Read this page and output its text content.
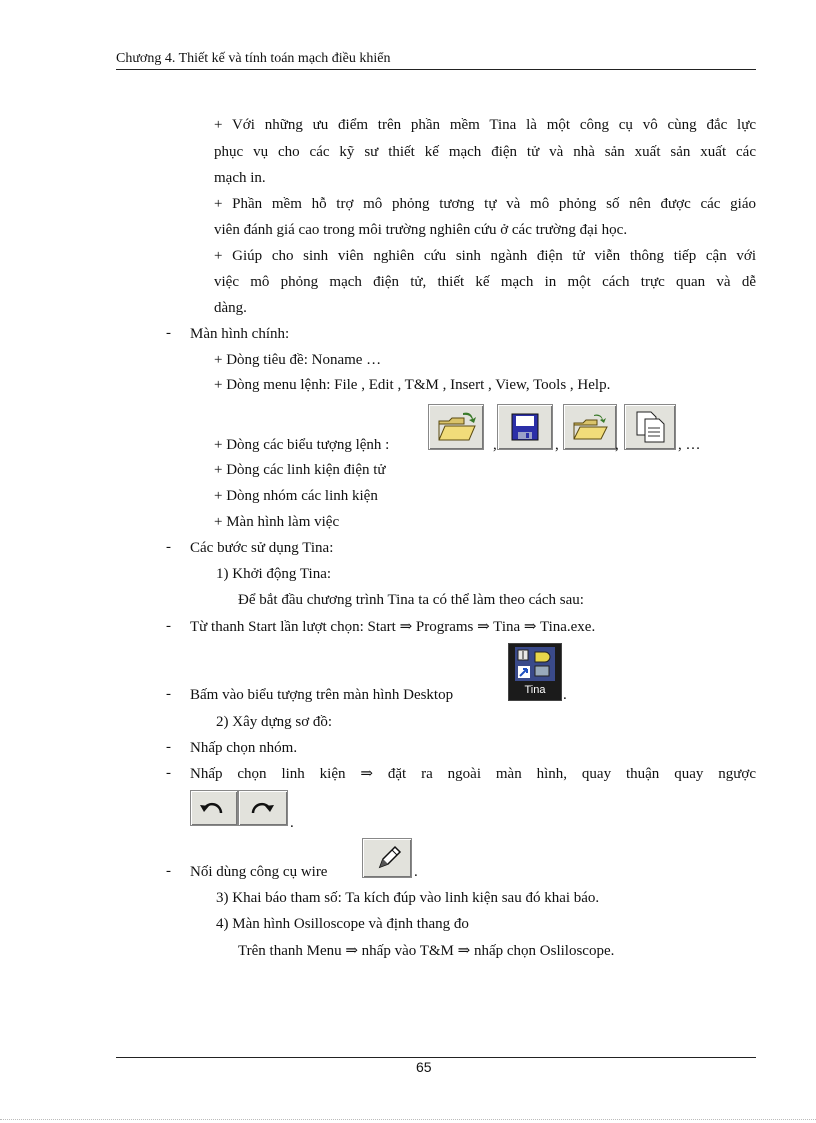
Chương 4. Thiết kế và tính toán mạch điều khiển
+ Với những ưu điểm trên phần mềm Tina là một công cụ vô cùng đắc lực
phục vụ cho các kỹ sư thiết kế mạch điện tử và nhà sản xuất sản xuất các
mạch in.
+ Phần mềm hỗ trợ mô phỏng tương tự và mô phỏng số nên được các giáo
viên đánh giá cao trong môi trường nghiên cứu ở các trường đại học.
+ Giúp cho sinh viên nghiên cứu sinh ngành điện tử viễn thông tiếp cận với
việc mô phỏng mạch điện tử, thiết kế mạch in một cách trực quan và dễ
dàng.
- Màn hình chính:
+ Dòng tiêu đề: Noname …
+ Dòng menu lệnh: File , Edit , T&M , Insert , View, Tools , Help.
+ Dòng các biểu tượng lệnh :	,	,	,	, …
+ Dòng các linh kiện điện tử
+ Dòng nhóm các linh kiện
+ Màn hình làm việc
- Các bước sử dụng Tina:
1) Khởi động Tina:
Để bắt đầu chương trình Tina ta có thể làm theo cách sau:
- Từ thanh Start lần lượt chọn: Start ⇒ Programs ⇒ Tina ⇒ Tina.exe.
- Bấm vào biểu tượng trên màn hình Desktop	Tina	.
2) Xây dựng sơ đồ:
- Nhấp chọn nhóm.
- Nhấp chọn linh kiện ⇒ đặt ra ngoài màn hình, quay thuận quay ngược
.
- Nối dùng công cụ wire	.
3) Khai báo tham số: Ta kích đúp vào linh kiện sau đó khai báo.
4) Màn hình Osilloscope và định thang đo
Trên thanh Menu ⇒ nhấp vào T&M ⇒ nhấp chọn Osliloscope.
65
